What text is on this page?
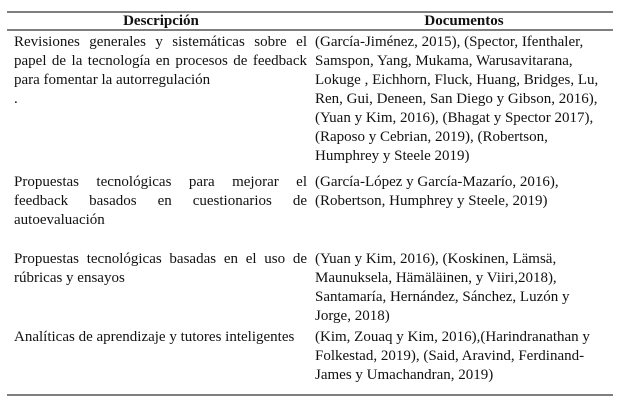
Descripción	Documentos
Revisiones generales y sistemáticas sobre el papel de la tecnología en procesos de feedback para fomentar la autorregulación
.
(García-Jiménez, 2015), (Spector, Ifenthaler, Samspon, Yang, Mukama, Warusavitarana, Lokuge , Eichhorn, Fluck, Huang, Bridges, Lu, Ren, Gui, Deneen, San Diego y Gibson, 2016), (Yuan y Kim, 2016), (Bhagat y Spector 2017), (Raposo y Cebrian, 2019), (Robertson, Humphrey y Steele 2019)
Propuestas tecnológicas para mejorar el feedback basados en cuestionarios de autoevaluación
(García-López y García-Mazarío, 2016), (Robertson, Humphrey y Steele, 2019)
Propuestas tecnológicas basadas en el uso de rúbricas y ensayos
(Yuan y Kim, 2016), (Koskinen, Lämsä, Maunuksela, Hämäläinen, y Viiri,2018), Santamaría, Hernández, Sánchez, Luzón y Jorge, 2018)
Analíticas de aprendizaje y tutores inteligentes	(Kim, Zouaq y Kim, 2016),(Harindranathan y Folkestad, 2019), (Said, Aravind, Ferdinand-James y Umachandran, 2019)
